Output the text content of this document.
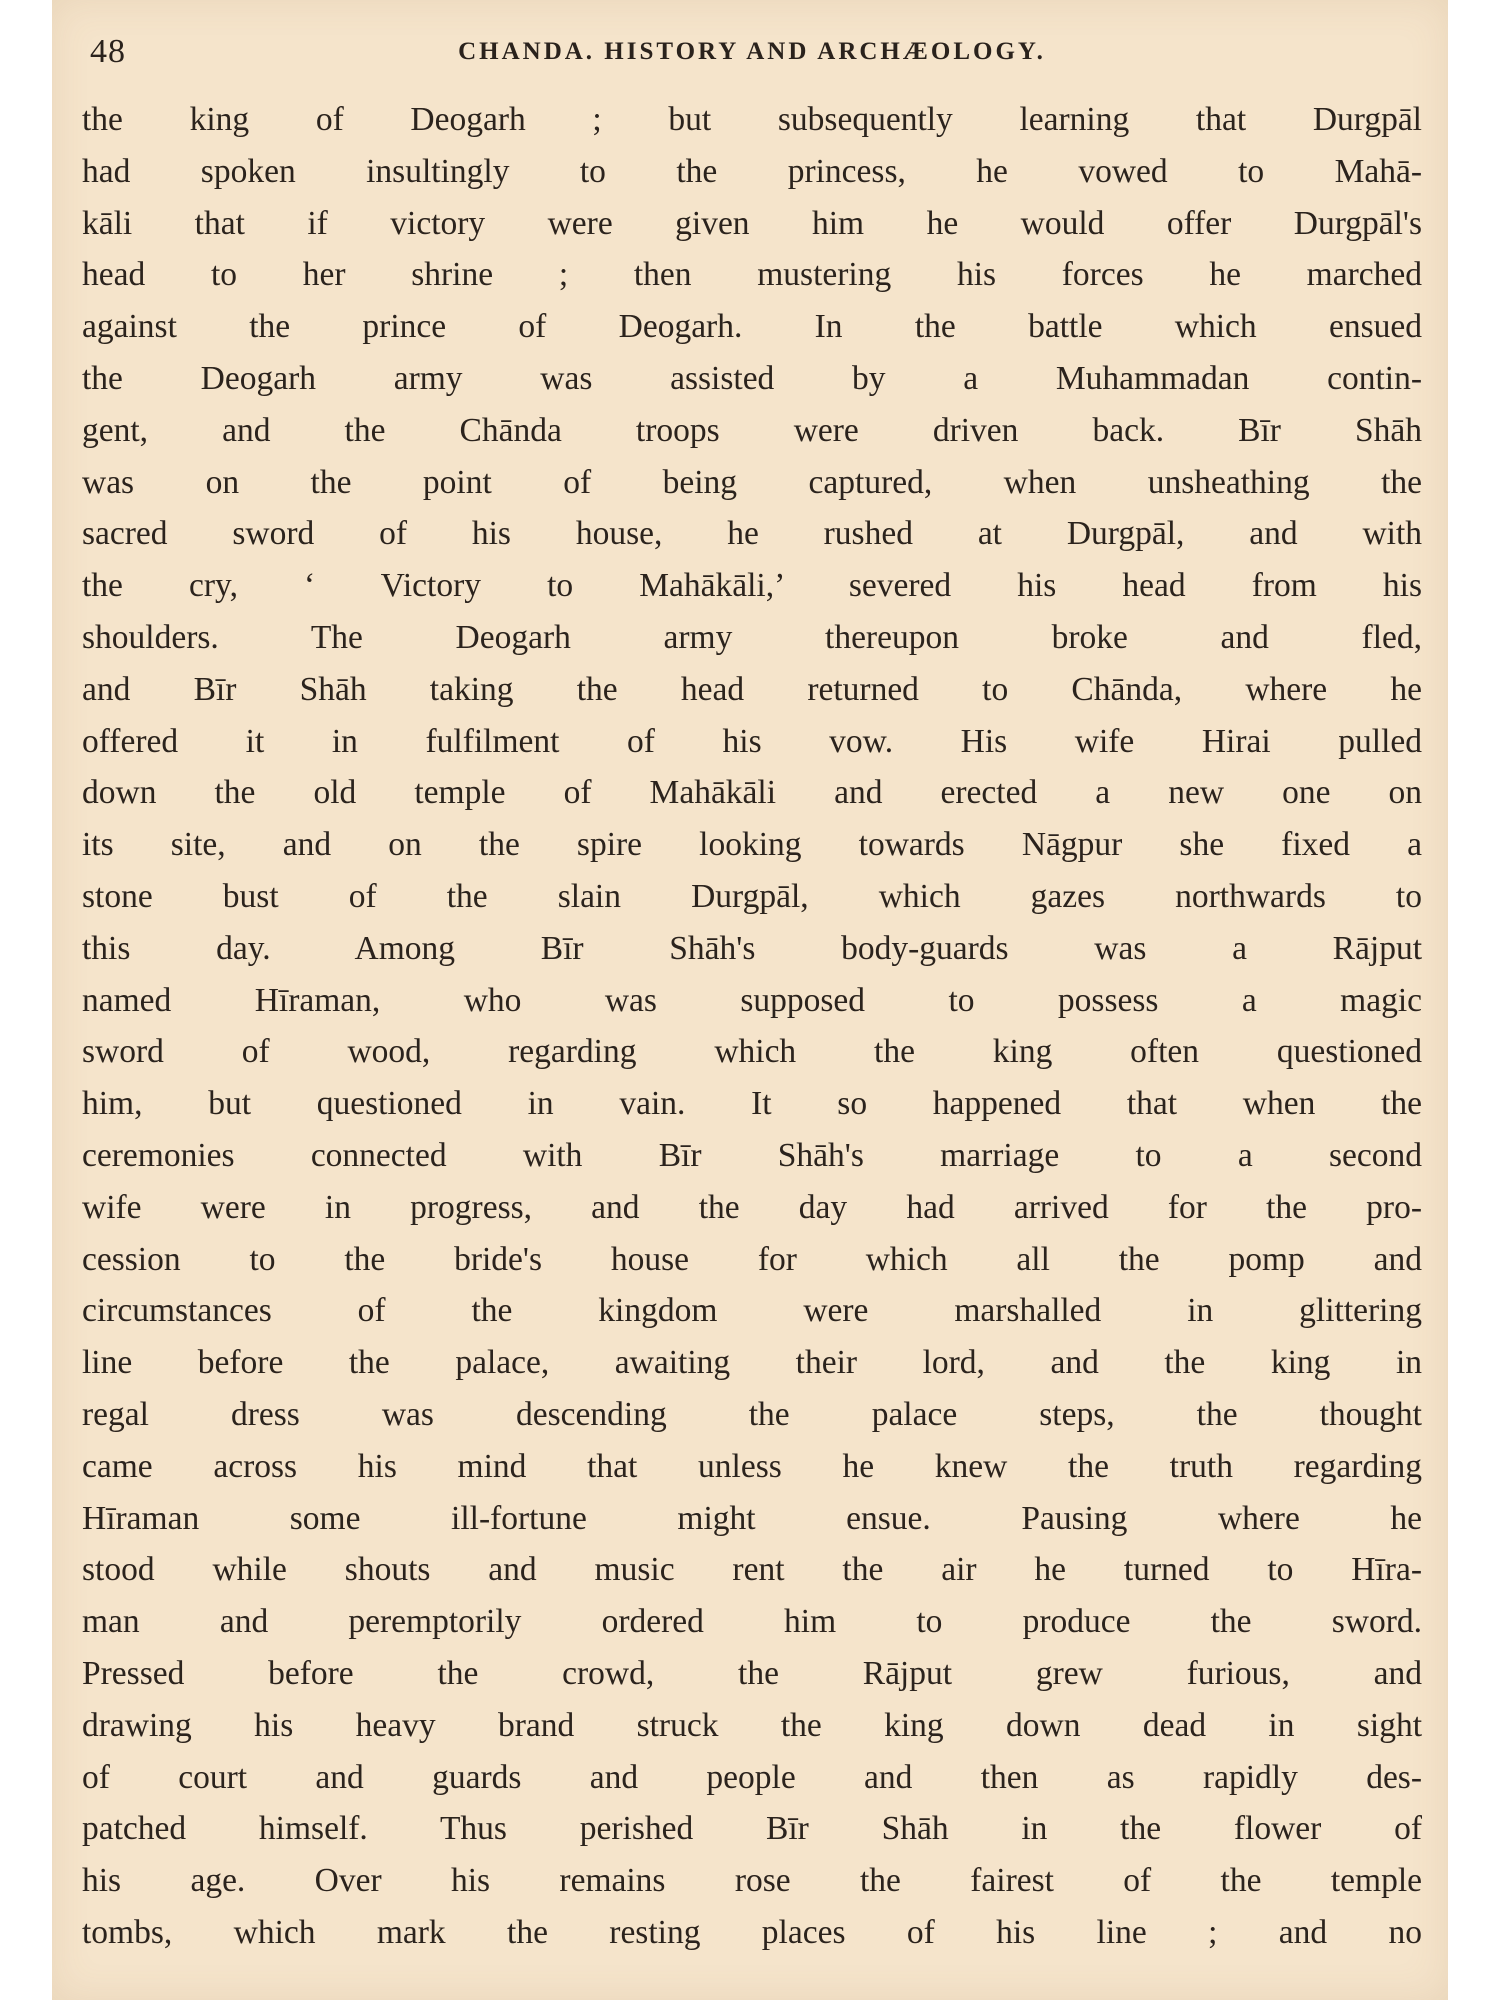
48	CHANDA. HISTORY AND ARCHÆOLOGY.
the king of Deogarh ; but subsequently learning that Durgpāl
had spoken insultingly to the princess, he vowed to Mahā-
kāli that if victory were given him he would offer Durgpāl's
head to her shrine ; then mustering his forces he marched
against the prince of Deogarh. In the battle which ensued
the Deogarh army was assisted by a Muhammadan contin-
gent, and the Chānda troops were driven back. Bīr Shāh
was on the point of being captured, when unsheathing the
sacred sword of his house, he rushed at Durgpāl, and with
the cry, ‘ Victory to Mahākāli,’ severed his head from his
shoulders. The Deogarh army thereupon broke and fled,
and Bīr Shāh taking the head returned to Chānda, where he
offered it in fulfilment of his vow. His wife Hirai pulled
down the old temple of Mahākāli and erected a new one on
its site, and on the spire looking towards Nāgpur she fixed a
stone bust of the slain Durgpāl, which gazes northwards to
this day. Among Bīr Shāh's body-guards was a Rājput
named Hīraman, who was supposed to possess a magic
sword of wood, regarding which the king often questioned
him, but questioned in vain. It so happened that when the
ceremonies connected with Bīr Shāh's marriage to a second
wife were in progress, and the day had arrived for the pro-
cession to the bride's house for which all the pomp and
circumstances of the kingdom were marshalled in glittering
line before the palace, awaiting their lord, and the king in
regal dress was descending the palace steps, the thought
came across his mind that unless he knew the truth regarding
Hīraman some ill-fortune might ensue. Pausing where he
stood while shouts and music rent the air he turned to Hīra-
man and peremptorily ordered him to produce the sword.
Pressed before the crowd, the Rājput grew furious, and
drawing his heavy brand struck the king down dead in sight
of court and guards and people and then as rapidly des-
patched himself. Thus perished Bīr Shāh in the flower of
his age. Over his remains rose the fairest of the temple
tombs, which mark the resting places of his line ; and no
